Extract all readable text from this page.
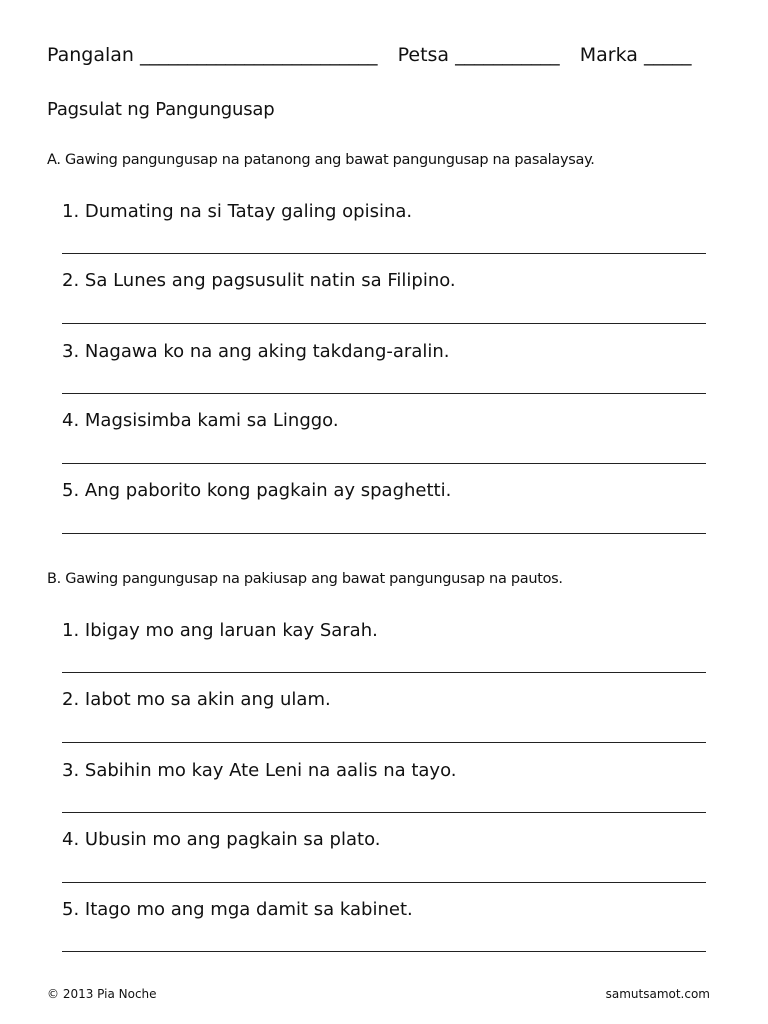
Pangalan _________________________ Petsa ___________ Marka _____
Pagsulat ng Pangungusap
A. Gawing pangungusap na patanong ang bawat pangungusap na pasalaysay.
1. Dumating na si Tatay galing opisina.
2. Sa Lunes ang pagsusulit natin sa Filipino.
3. Nagawa ko na ang aking takdang-aralin.
4. Magsisimba kami sa Linggo.
5. Ang paborito kong pagkain ay spaghetti.
B. Gawing pangungusap na pakiusap ang bawat pangungusap na pautos.
1. Ibigay mo ang laruan kay Sarah.
2. Iabot mo sa akin ang ulam.
3. Sabihin mo kay Ate Leni na aalis na tayo.
4. Ubusin mo ang pagkain sa plato.
5. Itago mo ang mga damit sa kabinet.
© 2013 Pia Noche	samutsamot.com
